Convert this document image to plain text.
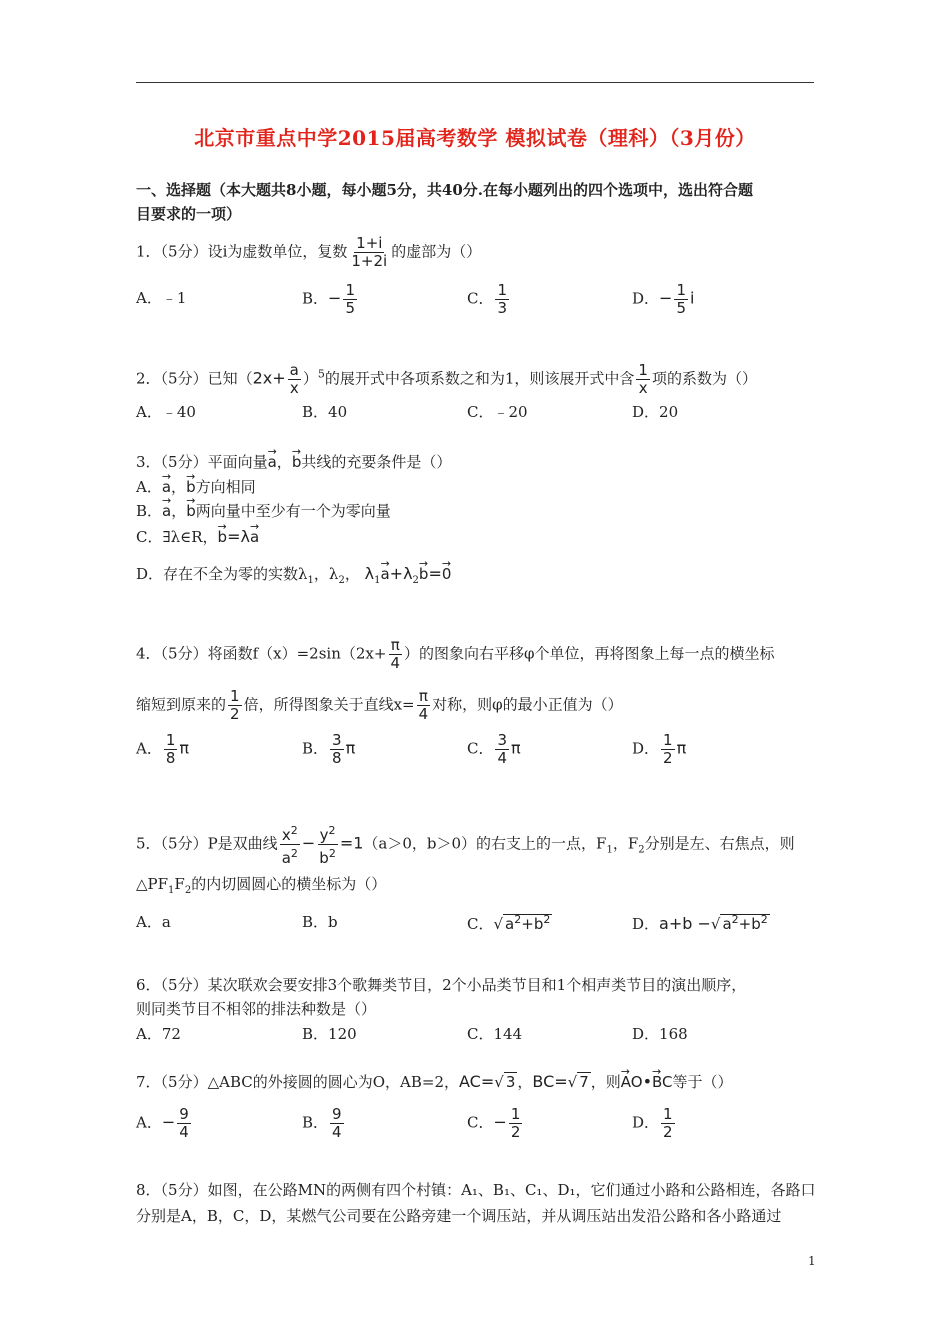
北京市重点中学2015届高考数学 模拟试卷（理科）（3月份）
一、选择题（本大题共8小题，每小题5分，共40分.在每小题列出的四个选项中，选出符合题
目要求的一项）
1．（5分）设i为虚数单位，复数 $\frac{1+i}{1+2i}$ 的虚部为（）
A．﹣1	B．− $\frac{1}{5}$	C． $\frac{1}{3}$	D．− $\frac{1}{5}$ i
2．（5分）已知$(2x+ \frac{a}{x} )^5$的展开式中各项系数之和为1，则该展开式中含 $\frac{1}{x}$ 项的系数为（）
A．﹣40	B．40	C．﹣20	D．20
3．（5分）平面向量→ a，→ b共线的充要条件是（）
A．→ a，→ b方向相同
B．→ a，→ b两向量中至少有一个为零向量
C．∃λ∈R，→ b=λ→ a
D．存在不全为零的实数$\lambda_1$，$\lambda_2$， $\lambda_1\to a+\lambda_2\to b=\to 0$
4．（5分）将函数$f(x)=2\sin(2x+ \frac{\pi}{4}$ ）的图象向右平移φ个单位，再将图象上每一点的横坐标
缩短到原来的 $\frac{1}{2}$ 倍，所得图象关于直线$x= \frac{\pi}{4}$ 对称，则φ的最小正值为（）
A． $\frac{1}{8}$ π	B． $\frac{3}{8}$ π	C． $\frac{3}{4}$ π	D． $\frac{1}{2}$ π
5．（5分）P是双曲线 $\frac{x^2}{a^2} - \frac{y^2}{b^2} =1(a>0$，b＞0）的右支上的一点，$F_1$，$F_2$分别是左、右焦点，则
$\triangle PF_1F_2$的内切圆圆心的横坐标为（）
A．a	B．b	C．√ $a^2+b^2$	D．a+b −√ $a^2+b^2$
6．（5分）某次联欢会要安排3个歌舞类节目，2个小品类节目和1个相声类节目的演出顺序，
则同类节目不相邻的排法种数是（）
A．72	B．120	C．144	D．168
7．（5分）△ABC的外接圆的圆心为O，AB=2，AC=√ 3 ，BC=√ 7 ，则→ AO•→ BC等于（）
A．− $\frac{9}{4}$	B． $\frac{9}{4}$	C．− $\frac{1}{2}$	D． $\frac{1}{2}$
8．（5分）如图，在公路MN的两侧有四个村镇：A₁、B₁、C₁、D₁，它们通过小路和公路相连，各路口
分别是A，B，C，D，某燃气公司要在公路旁建一个调压站，并从调压站出发沿公路和各小路通过
1
